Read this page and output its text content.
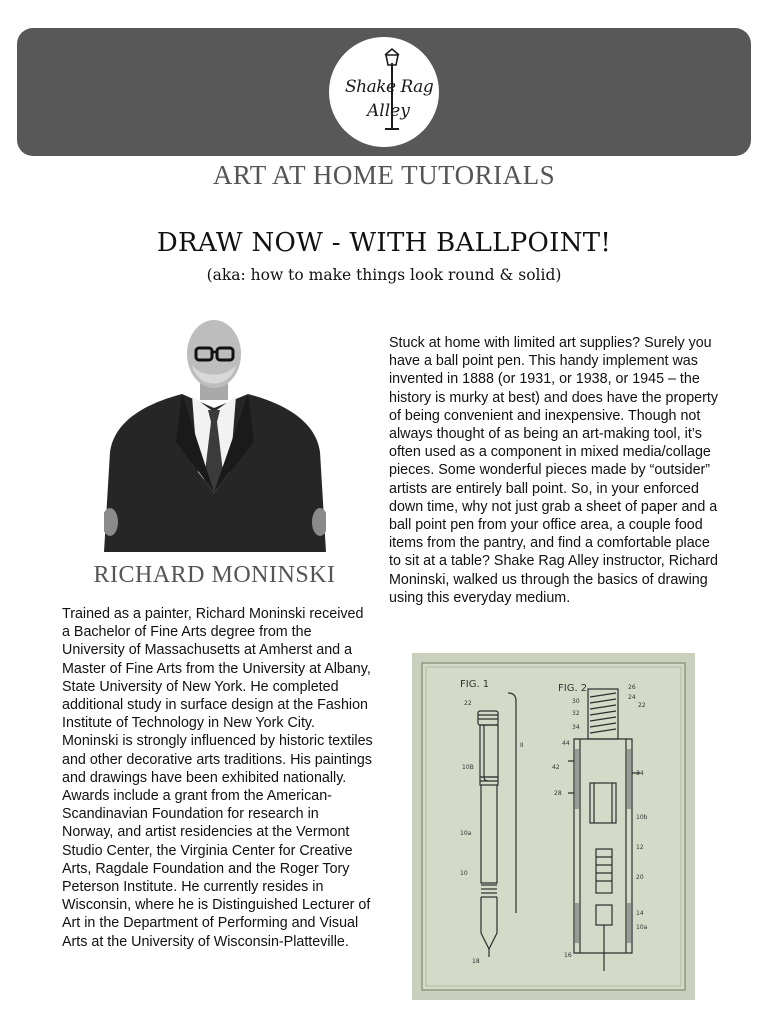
Shake Rag
Alley
ART AT HOME TUTORIALS
DRAW NOW - WITH BALLPOINT!
(aka: how to make things look round & solid)
RICHARD MONINSKI

Trained as a painter, Richard Moninski received a Bachelor of Fine Arts degree from the University of Massachusetts at Amherst and a Master of Fine Arts from the University at Albany, State University of New York. He completed additional study in surface design at the Fashion Institute of Technology in New York City.

Moninski is strongly influenced by historic textiles and other decorative arts traditions. His paintings and drawings have been exhibited nationally. Awards include a grant from the American-Scandinavian Foundation for research in Norway, and artist residencies at the Vermont Studio Center, the Virginia Center for Creative Arts, Ragdale Foundation and the Roger Tory Peterson Institute. He currently resides in Wisconsin, where he is Distinguished Lecturer of Art in the Department of Performing and Visual Arts at the University of Wisconsin-Platteville.

Stuck at home with limited art supplies? Surely you have a ball point pen. This handy implement was invented in 1888 (or 1931, or 1938, or 1945 – the history is murky at best) and does have the property of being convenient and inexpensive. Though not always thought of as being an art-making tool, it’s often used as a component in mixed media/collage pieces. Some wonderful pieces made by “outsider” artists are entirely ball point. So, in your enforced down time, why not just grab a sheet of paper and a ball point pen from your office area, a couple food items from the pantry, and find a comfortable place to sit at a table? Shake Rag Alley instructor, Richard Moninski, walked us through the basics of drawing using this everyday medium.
FIG. 1
22
II
10B
10a
10
18
FIG. 2	26
24
22
30
32
34
44
42
28
34
10b
12
20
14
10a
16
